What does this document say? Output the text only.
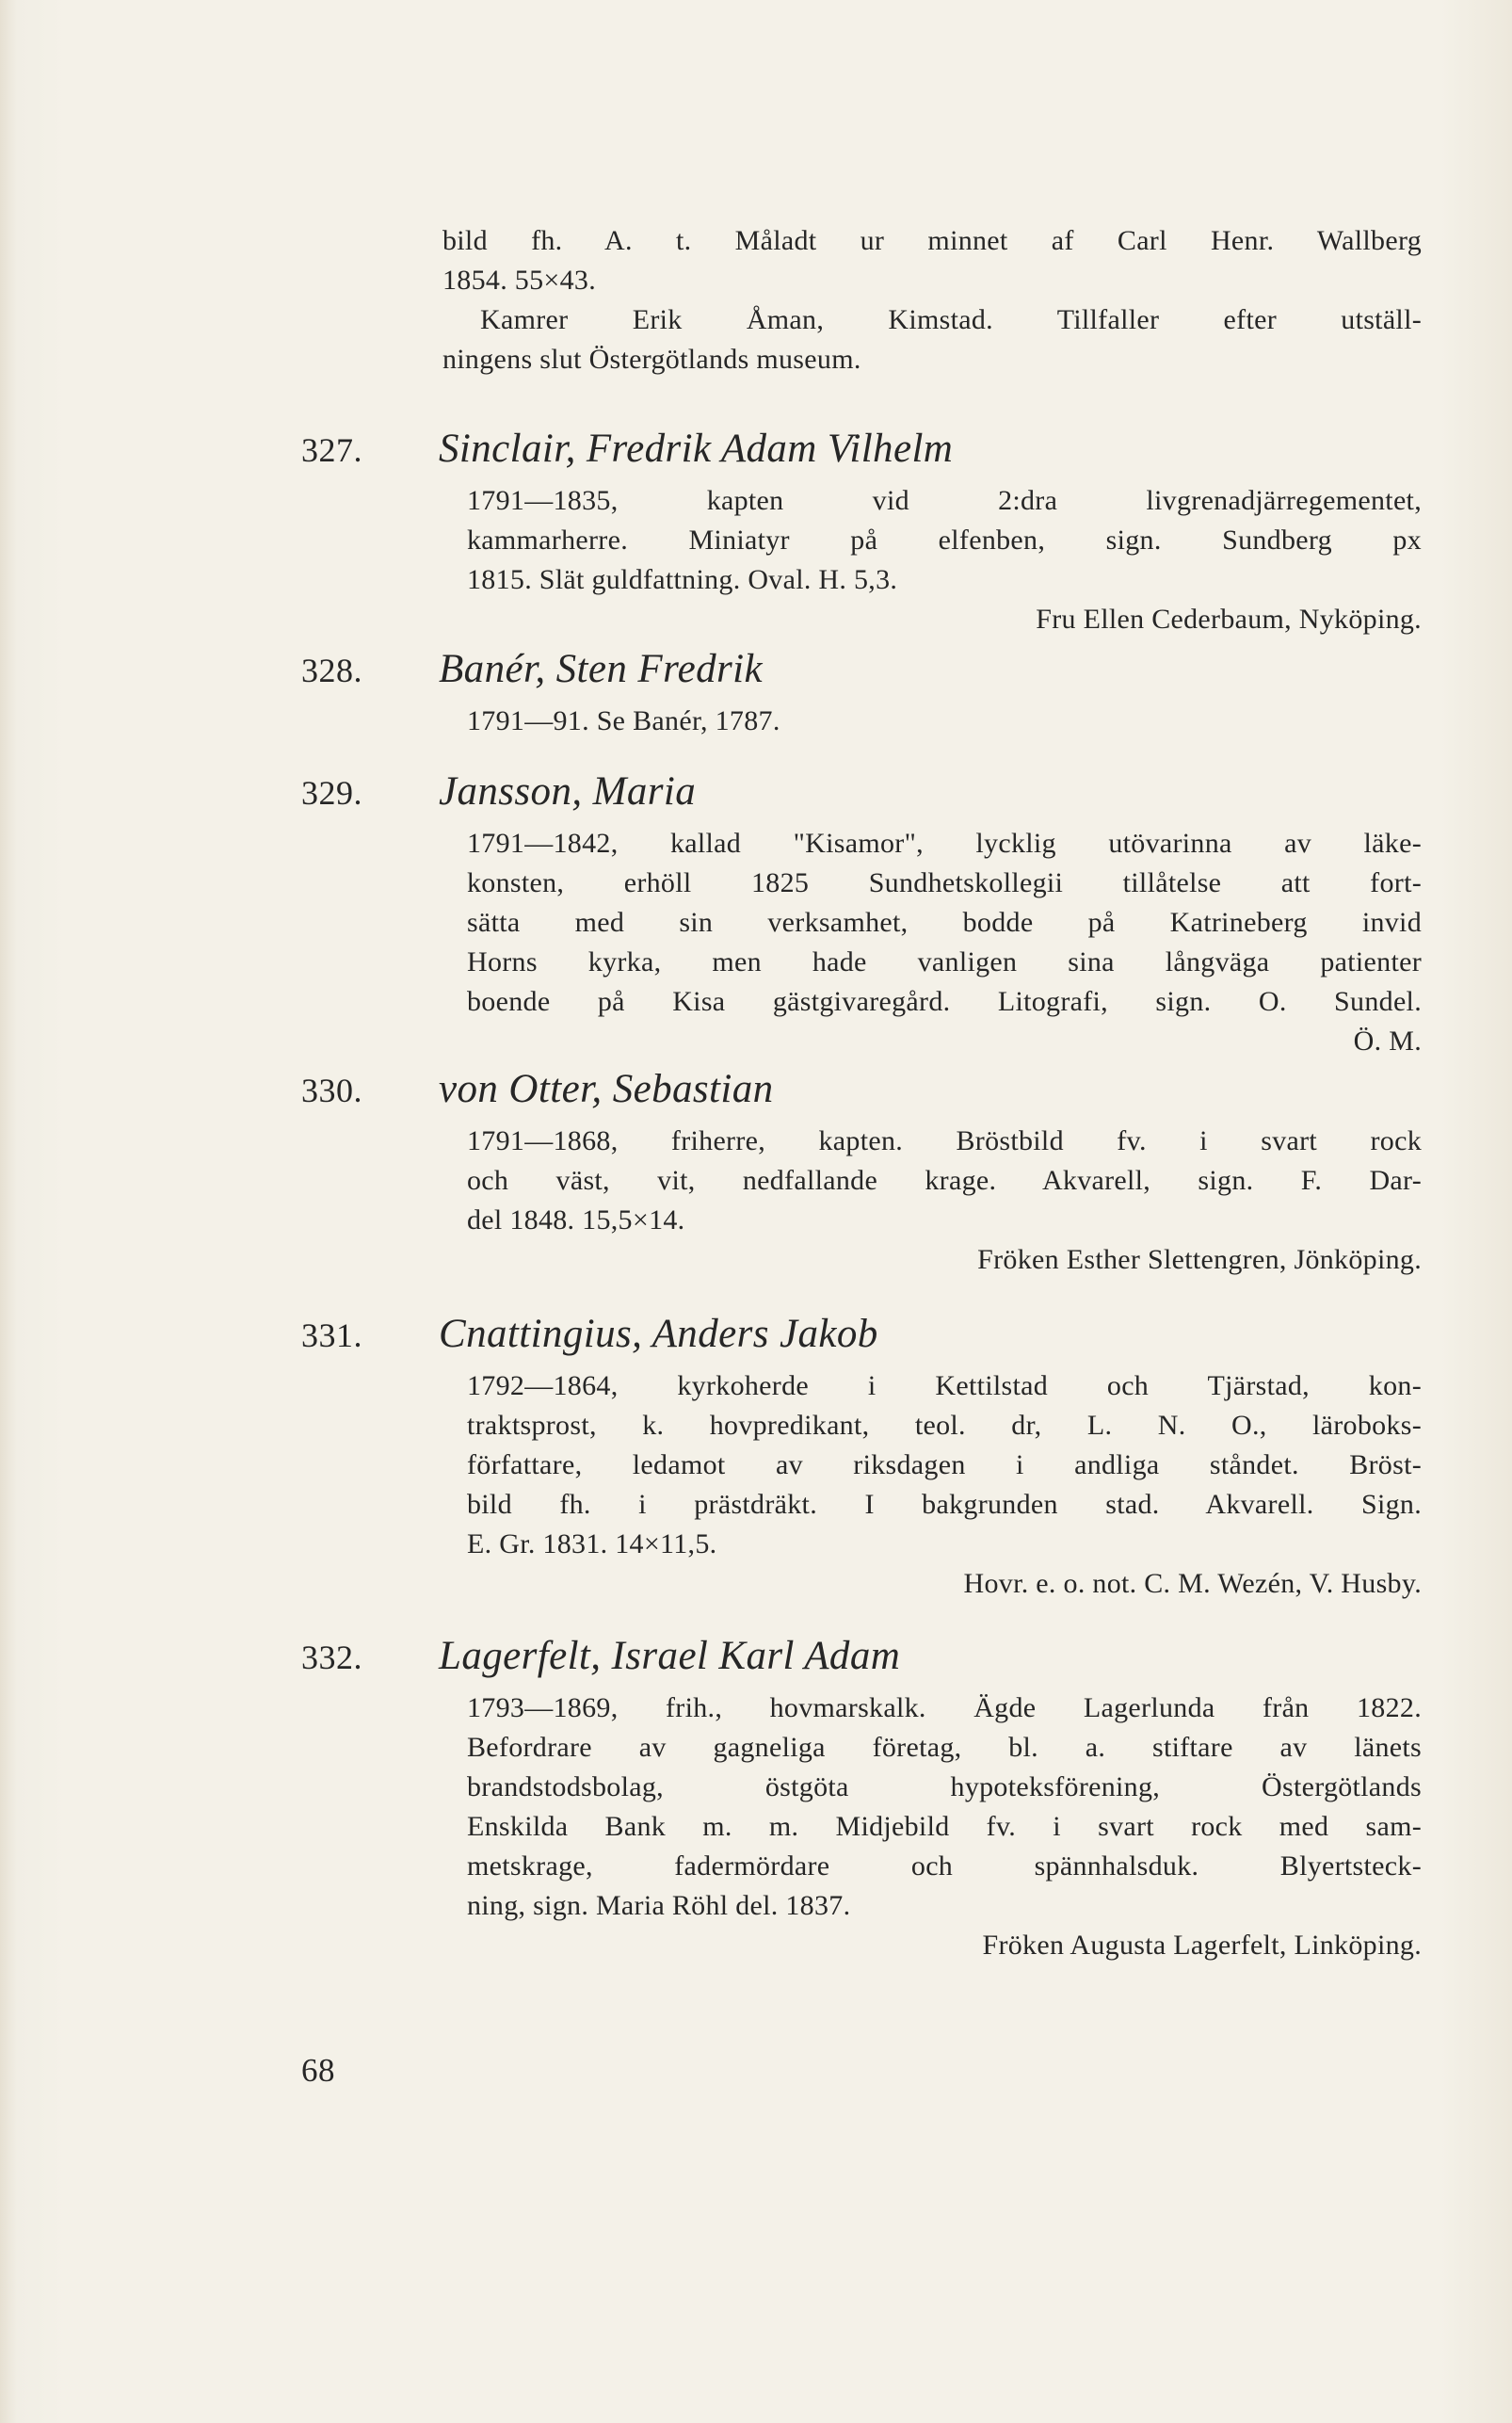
bild fh. A. t. Måladt ur minnet af Carl Henr. Wallberg
1854. 55×43.
Kamrer Erik Åman, Kimstad. Tillfaller efter utställ-
ningens slut Östergötlands museum.
327. Sinclair, Fredrik Adam Vilhelm
1791—1835, kapten vid 2:dra livgrenadjärregementet,
kammarherre. Miniatyr på elfenben, sign. Sundberg px
1815. Slät guldfattning. Oval. H. 5,3.
Fru Ellen Cederbaum, Nyköping.
328. Banér, Sten Fredrik
1791—91. Se Banér, 1787.
329. Jansson, Maria
1791—1842, kallad "Kisamor", lycklig utövarinna av läke-
konsten, erhöll 1825 Sundhetskollegii tillåtelse att fort-
sätta med sin verksamhet, bodde på Katrineberg invid
Horns kyrka, men hade vanligen sina långväga patienter
boende på Kisa gästgivaregård. Litografi, sign. O. Sundel.
Ö. M.
330. von Otter, Sebastian
1791—1868, friherre, kapten. Bröstbild fv. i svart rock
och väst, vit, nedfallande krage. Akvarell, sign. F. Dar-
del 1848. 15,5×14.
Fröken Esther Slettengren, Jönköping.
331. Cnattingius, Anders Jakob
1792—1864, kyrkoherde i Kettilstad och Tjärstad, kon-
traktsprost, k. hovpredikant, teol. dr, L. N. O., läroboks-
författare, ledamot av riksdagen i andliga ståndet. Bröst-
bild fh. i prästdräkt. I bakgrunden stad. Akvarell. Sign.
E. Gr. 1831. 14×11,5.
Hovr. e. o. not. C. M. Wezén, V. Husby.
332. Lagerfelt, Israel Karl Adam
1793—1869, frih., hovmarskalk. Ägde Lagerlunda från 1822.
Befordrare av gagneliga företag, bl. a. stiftare av länets
brandstodsbolag, östgöta hypoteksförening, Östergötlands
Enskilda Bank m. m. Midjebild fv. i svart rock med sam-
metskrage, fadermördare och spännhalsduk. Blyertsteck-
ning, sign. Maria Röhl del. 1837.
Fröken Augusta Lagerfelt, Linköping.
68
